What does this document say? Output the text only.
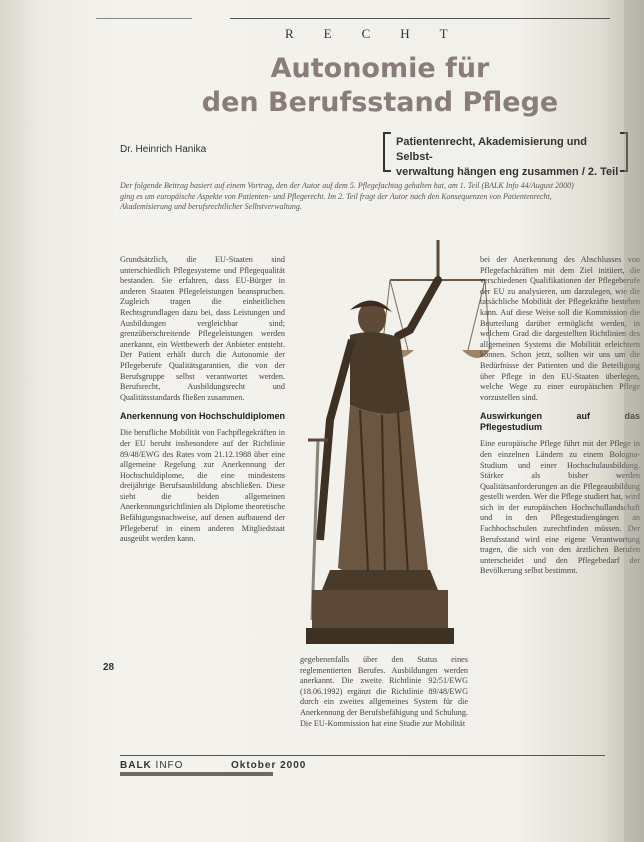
RECHT
Autonomie für
den Berufsstand Pflege
Dr. Heinrich Hanika
Patientenrecht, Akademisierung und Selbst-
verwaltung hängen eng zusammen / 2. Teil
Der folgende Beitrag basiert auf einem Vortrag, den der Autor auf dem 5. Pflegefachtag gehalten hat, am 1. Teil (BALK Info 44/August 2000) ging es um europäische Aspekte von Patienten- und Pflegerecht. Im 2. Teil fragt der Autor nach den Konsequenzen von Patientenrecht, Akademisierung und berufsrechtlicher Selbstverwaltung.

Grundsätzlich, die EU-Staaten sind unterschiedlich Pflegesysteme und Pflegequalität bestanden. Sie erfahren, dass EU-Bürger in anderen Staaten Pflegeleistungen beanspruchen. Zugleich tragen die einheitlichen Rechtsgrundlagen dazu bei, dass Leistungen und Ausbildungen vergleichbar sind; grenzüberschreitende Pflegeleistungen werden anerkannt, ein Wettbewerb der Anbieter entsteht. Der Patient erhält durch die Autonomie der Pflegeberufe Qualitätsgarantien, die von der Berufsgruppe selbst verantwortet werden. Berufsrecht, Ausbildungsrecht und Qualitätsstandards fließen zusammen.

Anerkennung von Hochschuldiplomen

Die berufliche Mobilität von Fachpflegekräften in der EU beruht insbesondere auf der Richtlinie 89/48/EWG des Rates vom 21.12.1988 über eine allgemeine Regelung zur Anerkennung der Hochschuldiplome, die eine mindestens dreijährige Berufsausbildung abschließen. Diese sieht die beiden allgemeinen Anerkennungsrichtlinien als Diplome theoretische Befähigungsnachweise, auf denen aufbauend der Pflegeberuf in einem anderen Mitgliedstaat ausgeübt werden kann.

gegebenenfalls über den Status eines reglementierten Berufes. Ausbildungen werden anerkannt. Die zweite Richtlinie 92/51/EWG (18.06.1992) ergänzt die Richtlinie 89/48/EWG durch ein zweites allgemeines System für die Anerkennung der Berufsbefähigung und Schulung. Die EU-Kommission hat eine Studie zur Mobilität

bei der Anerkennung des Abschlusses von Pflegefachkräften mit dem Ziel initiiert, die verschiedenen Qualifikationen der Pflegeberufe der EU zu analysieren, um darzulegen, wie die tatsächliche Mobilität der Pflegekräfte bestehen kann. Auf diese Weise soll die Kommission die Beurteilung darüber ermöglicht werden, in welchem Grad die dargestellten Richtlinien des allgemeinen Systems die Mobilität erleichtern können. Schon jetzt, sollten wir uns um die Bedürfnisse der Patienten und die Beteiligung über Pflege in den EU-Staaten überlegen, welche Wege zu einer europäischen Pflege vorzustellen sind.

Auswirkungen auf das Pflegestudium

Eine europäische Pflege führt mit der Pflege in den einzelnen Ländern zu einem Bologna-Studium und einer Hochschulausbildung. Stärker als bisher werden Qualitätsanforderungen an die Pflegeausbildung gestellt werden. Wer die Pflege studiert hat, wird sich in der europäischen Hochschullandschaft und in den Pflegestudiengängen an Fachhochschulen zurechtfinden müssen. Der Berufsstand wird eine eigene Verantwortung tragen, die sich von den ärztlichen Berufen unterscheidet und den Pflegebedarf der Bevölkerung selbst bestimmt.

28
BALK INFO	Oktober 2000
